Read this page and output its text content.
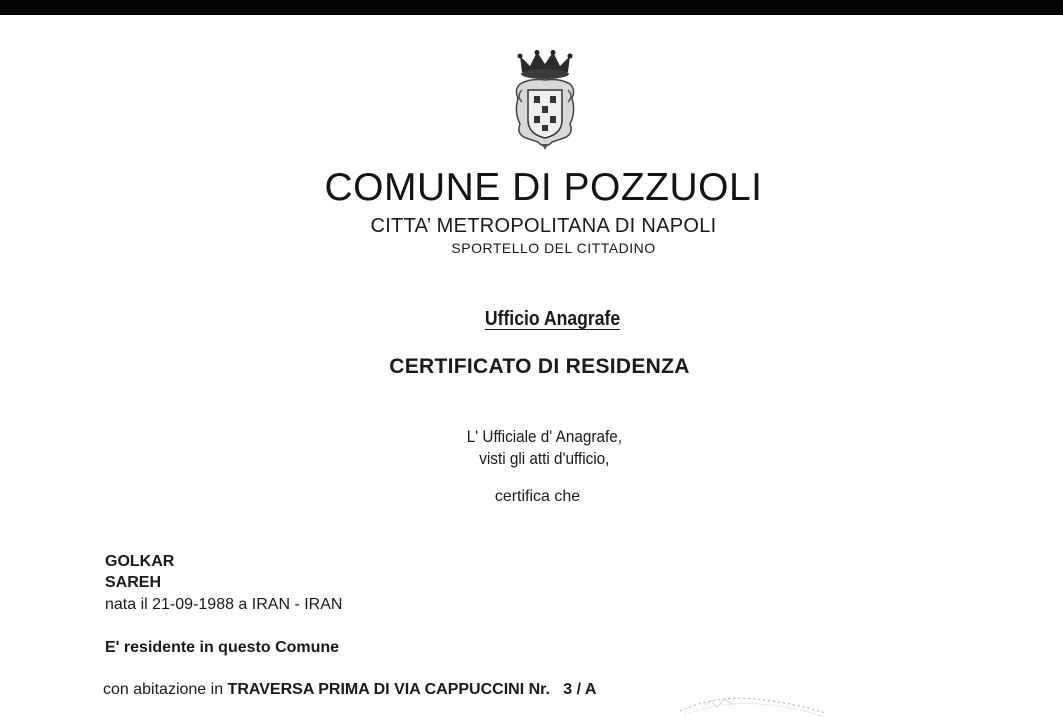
COMUNE DI POZZUOLI
CITTA’ METROPOLITANA DI NAPOLI
SPORTELLO DEL CITTADINO
Ufficio Anagrafe
CERTIFICATO DI RESIDENZA
L' Ufficiale d' Anagrafe,
visti gli atti d'ufficio,
certifica che
GOLKAR
SAREH
nata il 21-09-1988 a IRAN - IRAN
E' residente in questo Comune
con abitazione in TRAVERSA PRIMA DI VIA CAPPUCCINI Nr.   3 / A
